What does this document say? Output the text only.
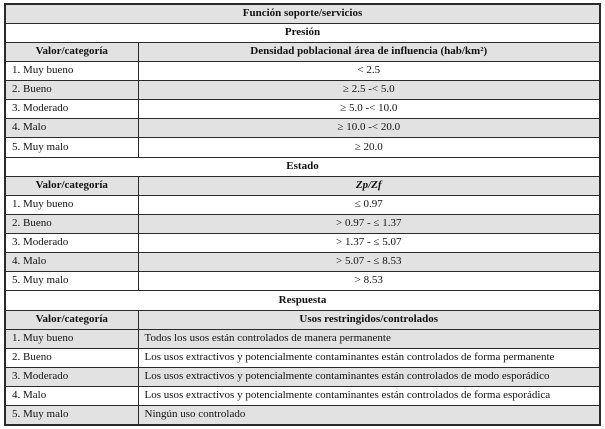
Función soporte/servicios	
Presión	
Valor/categoría	Densidad poblacional área de influencia (hab/km²)
1. Muy bueno	< 2.5
2. Bueno	≥ 2.5 -< 5.0
3. Moderado	≥ 5.0 -< 10.0
4. Malo	≥ 10.0 -< 20.0
5. Muy malo	≥ 20.0
Estado	
Valor/categoría	Zp/Zf
1. Muy bueno	≤ 0.97
2. Bueno	> 0.97 - ≤ 1.37
3. Moderado	> 1.37 - ≤ 5.07
4. Malo	> 5.07 - ≤ 8.53
5. Muy malo	> 8.53
Respuesta	
Valor/categoría	Usos restringidos/controlados
1. Muy bueno	Todos los usos están controlados de manera permanente
2. Bueno	Los usos extractivos y potencialmente contaminantes están controlados de forma permanente
3. Moderado	Los usos extractivos y potencialmente contaminantes están controlados de modo esporádico
4. Malo	Los usos extractivos y potencialmente contaminantes están controlados de forma esporádica
5. Muy malo	Ningún uso controlado
